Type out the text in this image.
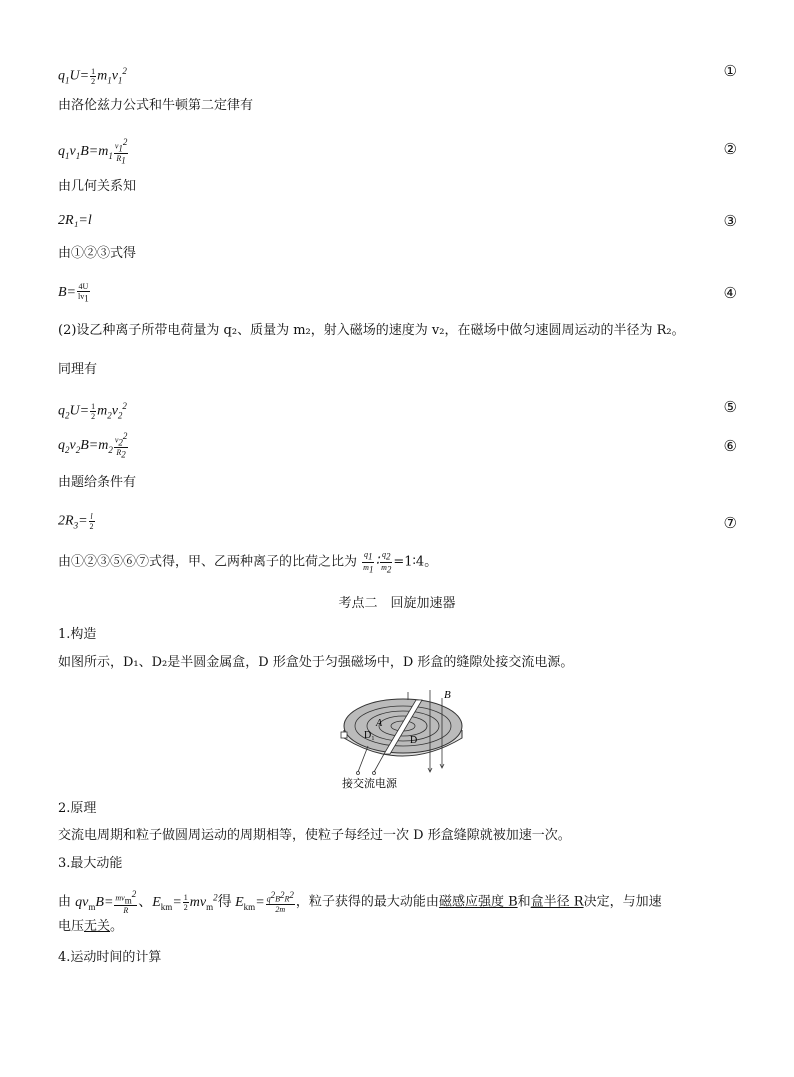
$q_1U= \frac{1}{2} m_1v_1^2$	①
由洛伦兹力公式和牛顿第二定律有
$q_1v_1B=m_1 \frac{v_1^2}{R_1}$	②
由几何关系知
2R₁=l	③
由①②③式得
$B= \frac{4U}{lv_1}$	④
(2)设乙种离子所带电荷量为 q₂、质量为 m₂，射入磁场的速度为 v₂，在磁场中做匀速圆周运动的半径为 R₂。
同理有
$q_2U= \frac{1}{2} m_2v_2^2$	⑤
$q_2v_2B=m_2 \frac{v_2^2}{R_2}$	⑥
由题给条件有
$2R_3= \frac{l}{2}$	⑦
由①②③⑤⑥⑦式得，甲、乙两种离子的比荷之比为 $\frac{q_1}{m_1}$ ∶ $\frac{q_2}{m_2}$ =1∶4。
考点二　回旋加速器
1.构造
如图所示，D₁、D₂是半圆金属盒，D 形盒处于匀强磁场中，D 形盒的缝隙处接交流电源。
B
A
D₁	D
接交流电源
2.原理
交流电周期和粒子做圆周运动的周期相等，使粒子每经过一次 D 形盒缝隙就被加速一次。
3.最大动能
由 $qv_mB= \frac{mv_m^2}{R}$ 、$E_{km}= \frac{1}{2} mv_m^2$得 $E_{km}= \frac{q^2B^2R^2}{2m}$ ，粒子获得的最大动能由磁感应强度 B和盒半径 R决定，与加速
电压无关。
4.运动时间的计算
